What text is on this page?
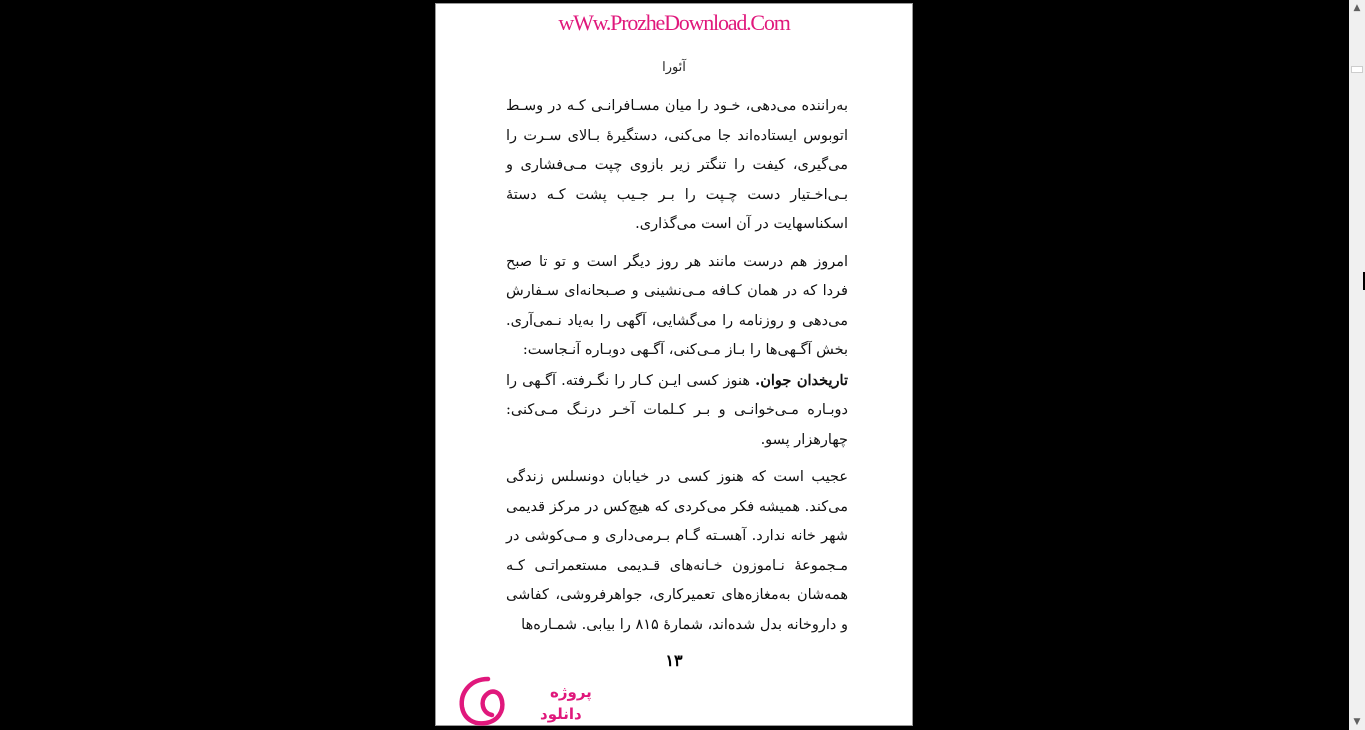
wWw.ProzheDownload.Com
آئورا

به‌راننده می‌دهی، خـود را میان مسـافرانـی کـه در وسـط اتوبوس ایستاده‌اند جا می‌کنی، دستگیرهٔ بـالای سـرت را می‌گیری، کیفت را تنگتر زیر بازوی چپت مـی‌فشاری و بـی‌اخـتیار دست چـپت را بـر جـیب پشت کـه دستهٔ اسکناسهایت در آن است می‌گذاری.

امروز هم درست مانند هر روز دیگر است و تو تا صبح فردا که در همان کـافه مـی‌نشینی و صـبحانه‌ای سـفارش می‌دهی و روزنامه را می‌گشایی، آگهی را به‌یاد نـمی‌آری. بخش آگـهی‌ها را بـاز مـی‌کنی، آگـهی دوبـاره آنـجاست:

تاریخدان جوان. هنوز کسی ایـن کـار را نگـرفته. آگـهی را دوبـاره مـی‌خوانـی و بـر کـلمات آخـر درنـگ مـی‌کنی: چهارهزار پسو.

عجیب است که هنوز کسی در خیابان دونسلس زندگی می‌کند. همیشه فکر می‌کردی که هیچ‌کس در مرکز قدیمی شهر خانه ندارد. آهسـته گـام بـرمی‌داری و مـی‌کوشی در مـجموعهٔ نـاموزون خـانه‌های قـدیمی مستعمراتـی کـه همه‌شان به‌مغازه‌های تعمیرکاری، جواهرفروشی، کفاشی و داروخانه بدل شده‌اند، شمارهٔ ۸۱۵ را بیابی. شمـاره‌ها

۱۳
پروژه
دانلود
▲
▼
